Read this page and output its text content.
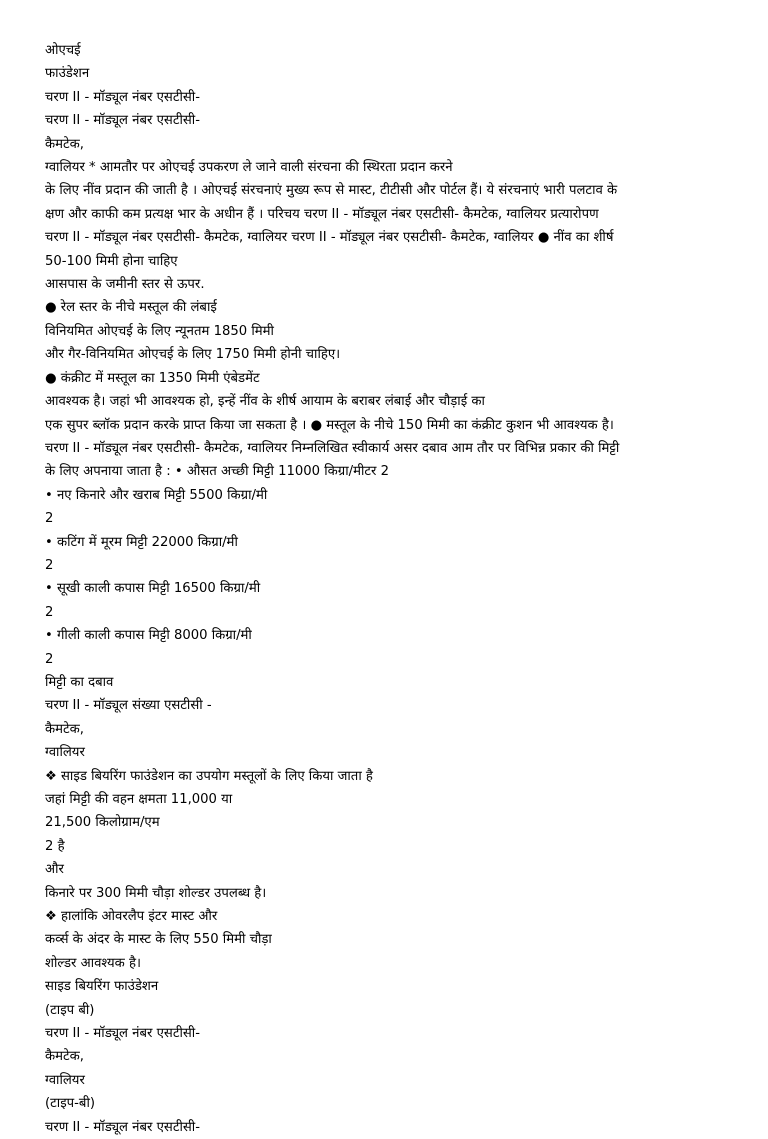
ओएचई
फाउंडेशन
चरण II - मॉड्यूल नंबर एसटीसी-
चरण II - मॉड्यूल नंबर एसटीसी-
कैमटेक,
ग्वालियर * आमतौर पर ओएचई उपकरण ले जाने वाली संरचना की स्थिरता प्रदान करने
के लिए नींव प्रदान की जाती है । ओएचई संरचनाएं मुख्य रूप से मास्ट, टीटीसी और पोर्टल हैं। ये संरचनाएं भारी पलटाव के
क्षण और काफी कम प्रत्यक्ष भार के अधीन हैं । परिचय चरण II - मॉड्यूल नंबर एसटीसी- कैमटेक, ग्वालियर प्रत्यारोपण
चरण II - मॉड्यूल नंबर एसटीसी- कैमटेक, ग्वालियर चरण II - मॉड्यूल नंबर एसटीसी- कैमटेक, ग्वालियर ● नींव का शीर्ष
50-100 मिमी होना चाहिए
आसपास के जमीनी स्तर से ऊपर.
● रेल स्तर के नीचे मस्तूल की लंबाई
विनियमित ओएचई के लिए न्यूनतम 1850 मिमी
और गैर-विनियमित ओएचई के लिए 1750 मिमी होनी चाहिए।
● कंक्रीट में मस्तूल का 1350 मिमी एंबेडमेंट
आवश्यक है। जहां भी आवश्यक हो, इन्हें नींव के शीर्ष आयाम के बराबर लंबाई और चौड़ाई का
एक सुपर ब्लॉक प्रदान करके प्राप्त किया जा सकता है । ● मस्तूल के नीचे 150 मिमी का कंक्रीट कुशन भी आवश्यक है।
चरण II - मॉड्यूल नंबर एसटीसी- कैमटेक, ग्वालियर निम्नलिखित स्वीकार्य असर दबाव आम तौर पर विभिन्न प्रकार की मिट्टी
के लिए अपनाया जाता है : • औसत अच्छी मिट्टी 11000 किग्रा/मीटर 2
• नए किनारे और खराब मिट्टी 5500 किग्रा/मी
2
• कटिंग में मूरम मिट्टी 22000 किग्रा/मी
2
• सूखी काली कपास मिट्टी 16500 किग्रा/मी
2
• गीली काली कपास मिट्टी 8000 किग्रा/मी
2
मिट्टी का दबाव
चरण II - मॉड्यूल संख्या एसटीसी -
कैमटेक,
ग्वालियर
❖ साइड बियरिंग फाउंडेशन का उपयोग मस्तूलों के लिए किया जाता है
जहां मिट्टी की वहन क्षमता 11,000 या
21,500 किलोग्राम/एम
2 है
और
किनारे पर 300 मिमी चौड़ा शोल्डर उपलब्ध है।
❖ हालांकि ओवरलैप इंटर मास्ट और
कर्व्स के अंदर के मास्ट के लिए 550 मिमी चौड़ा
शोल्डर आवश्यक है।
साइड बियरिंग फाउंडेशन
(टाइप बी)
चरण II - मॉड्यूल नंबर एसटीसी-
कैमटेक,
ग्वालियर
(टाइप-बी)
चरण II - मॉड्यूल नंबर एसटीसी-
